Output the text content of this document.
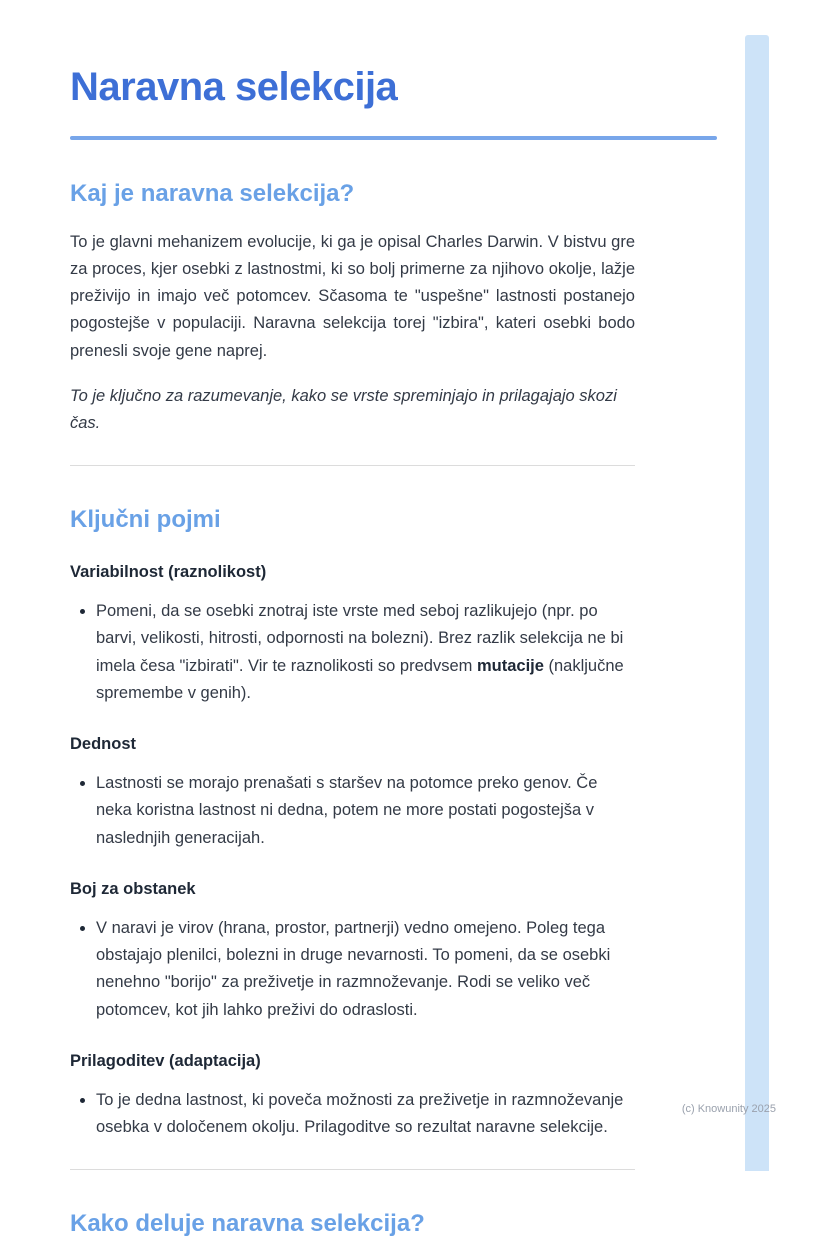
Naravna selekcija
Kaj je naravna selekcija?

To je glavni mehanizem evolucije, ki ga je opisal Charles Darwin. V bistvu gre za proces, kjer osebki z lastnostmi, ki so bolj primerne za njihovo okolje, lažje preživijo in imajo več potomcev. Sčasoma te "uspešne" lastnosti postanejo pogostejše v populaciji. Naravna selekcija torej "izbira", kateri osebki bodo prenesli svoje gene naprej.

To je ključno za razumevanje, kako se vrste spreminjajo in prilagajajo skozi čas.

Ključni pojmi
Variabilnost (raznolikost)
• Pomeni, da se osebki znotraj iste vrste med seboj razlikujejo (npr. po barvi, velikosti, hitrosti, odpornosti na bolezni). Brez razlik selekcija ne bi imela česa "izbirati". Vir te raznolikosti so predvsem mutacije (naključne spremembe v genih).
Dednost
• Lastnosti se morajo prenašati s staršev na potomce preko genov. Če neka koristna lastnost ni dedna, potem ne more postati pogostejša v naslednjih generacijah.
Boj za obstanek
• V naravi je virov (hrana, prostor, partnerji) vedno omejeno. Poleg tega obstajajo plenilci, bolezni in druge nevarnosti. To pomeni, da se osebki nenehno "borijo" za preživetje in razmnoževanje. Rodi se veliko več potomcev, kot jih lahko preživi do odraslosti.
Prilagoditev (adaptacija)
• To je dedna lastnost, ki poveča možnosti za preživetje in razmnoževanje osebka v določenem okolju. Prilagoditve so rezultat naravne selekcije.
Kako deluje naravna selekcija?
(c) Knowunity 2025
